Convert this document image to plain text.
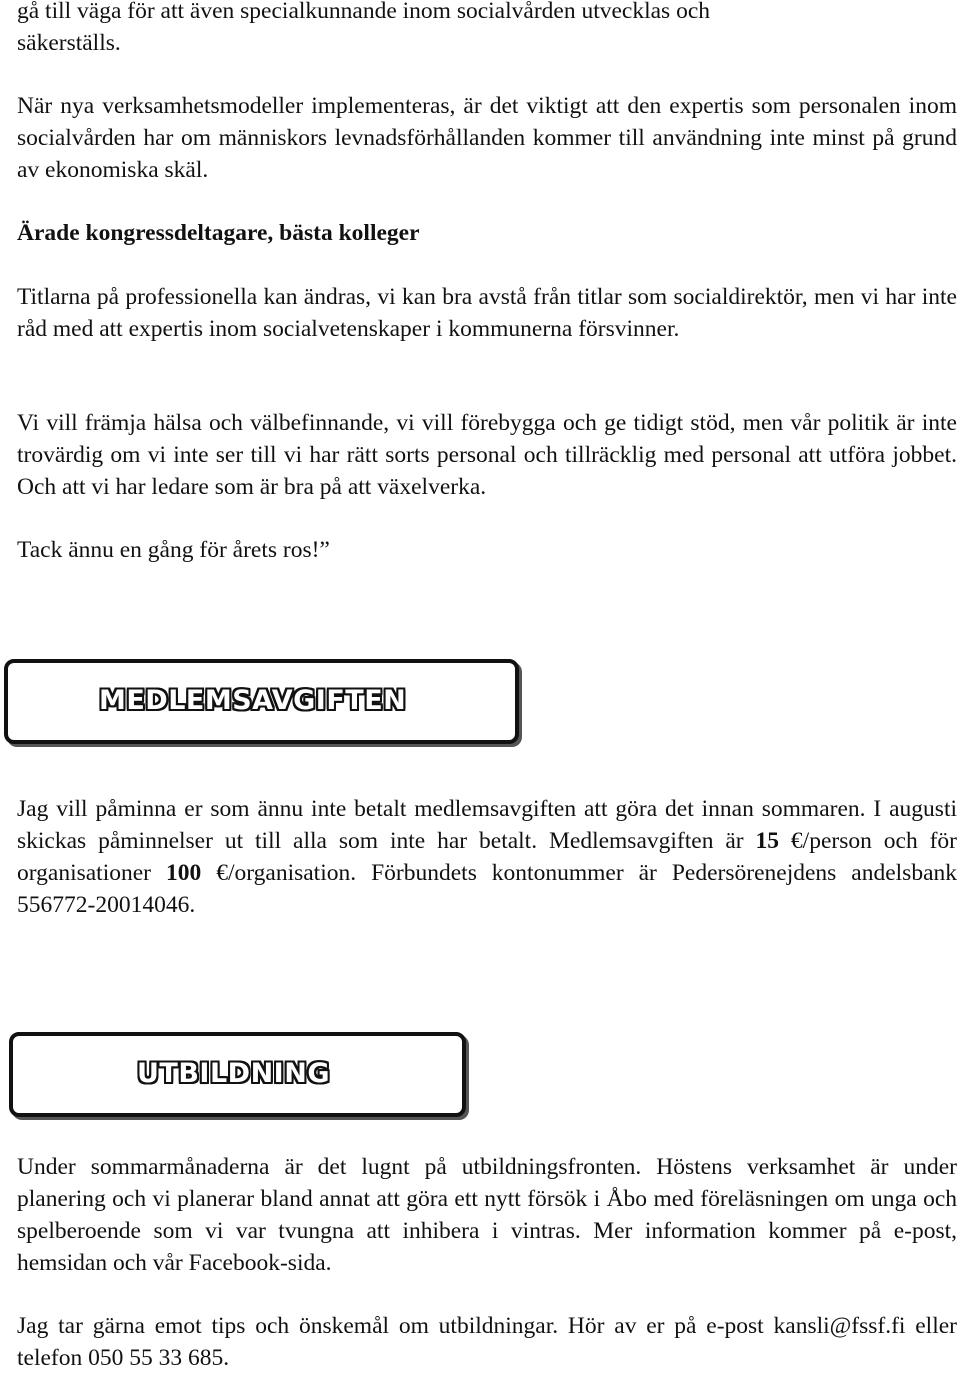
gå till väga för att även specialkunnande inom socialvården utvecklas och
säkerställs.

När nya verksamhetsmodeller implementeras, är det viktigt att den expertis som personalen inom socialvården har om människors levnadsförhållanden kommer till användning inte minst på grund av ekonomiska skäl.

Ärade kongressdeltagare, bästa kolleger

Titlarna på professionella kan ändras, vi kan bra avstå från titlar som socialdirektör, men vi har inte råd med att expertis inom socialvetenskaper i kommunerna försvinner.

Vi vill främja hälsa och välbefinnande, vi vill förebygga och ge tidigt stöd, men vår politik är inte trovärdig om vi inte ser till vi har rätt sorts personal och tillräcklig med personal att utföra jobbet. Och att vi har ledare som är bra på att växelverka.

Tack ännu en gång för årets ros!”

MEDLEMSAVGIFTEN

Jag vill påminna er som ännu inte betalt medlemsavgiften att göra det innan sommaren. I augusti skickas påminnelser ut till alla som inte har betalt. Medlemsavgiften är 15 €/person och för organisationer 100 €/organisation. Förbundets kontonummer är Pedersörenejdens andelsbank 556772-20014046.

UTBILDNING

Under sommarmånaderna är det lugnt på utbildningsfronten. Höstens verksamhet är under planering och vi planerar bland annat att göra ett nytt försök i Åbo med föreläsningen om unga och spelberoende som vi var tvungna att inhibera i vintras. Mer information kommer på e-post, hemsidan och vår Facebook-sida.

Jag tar gärna emot tips och önskemål om utbildningar. Hör av er på e-post kansli@fssf.fi eller telefon 050 55 33 685.
